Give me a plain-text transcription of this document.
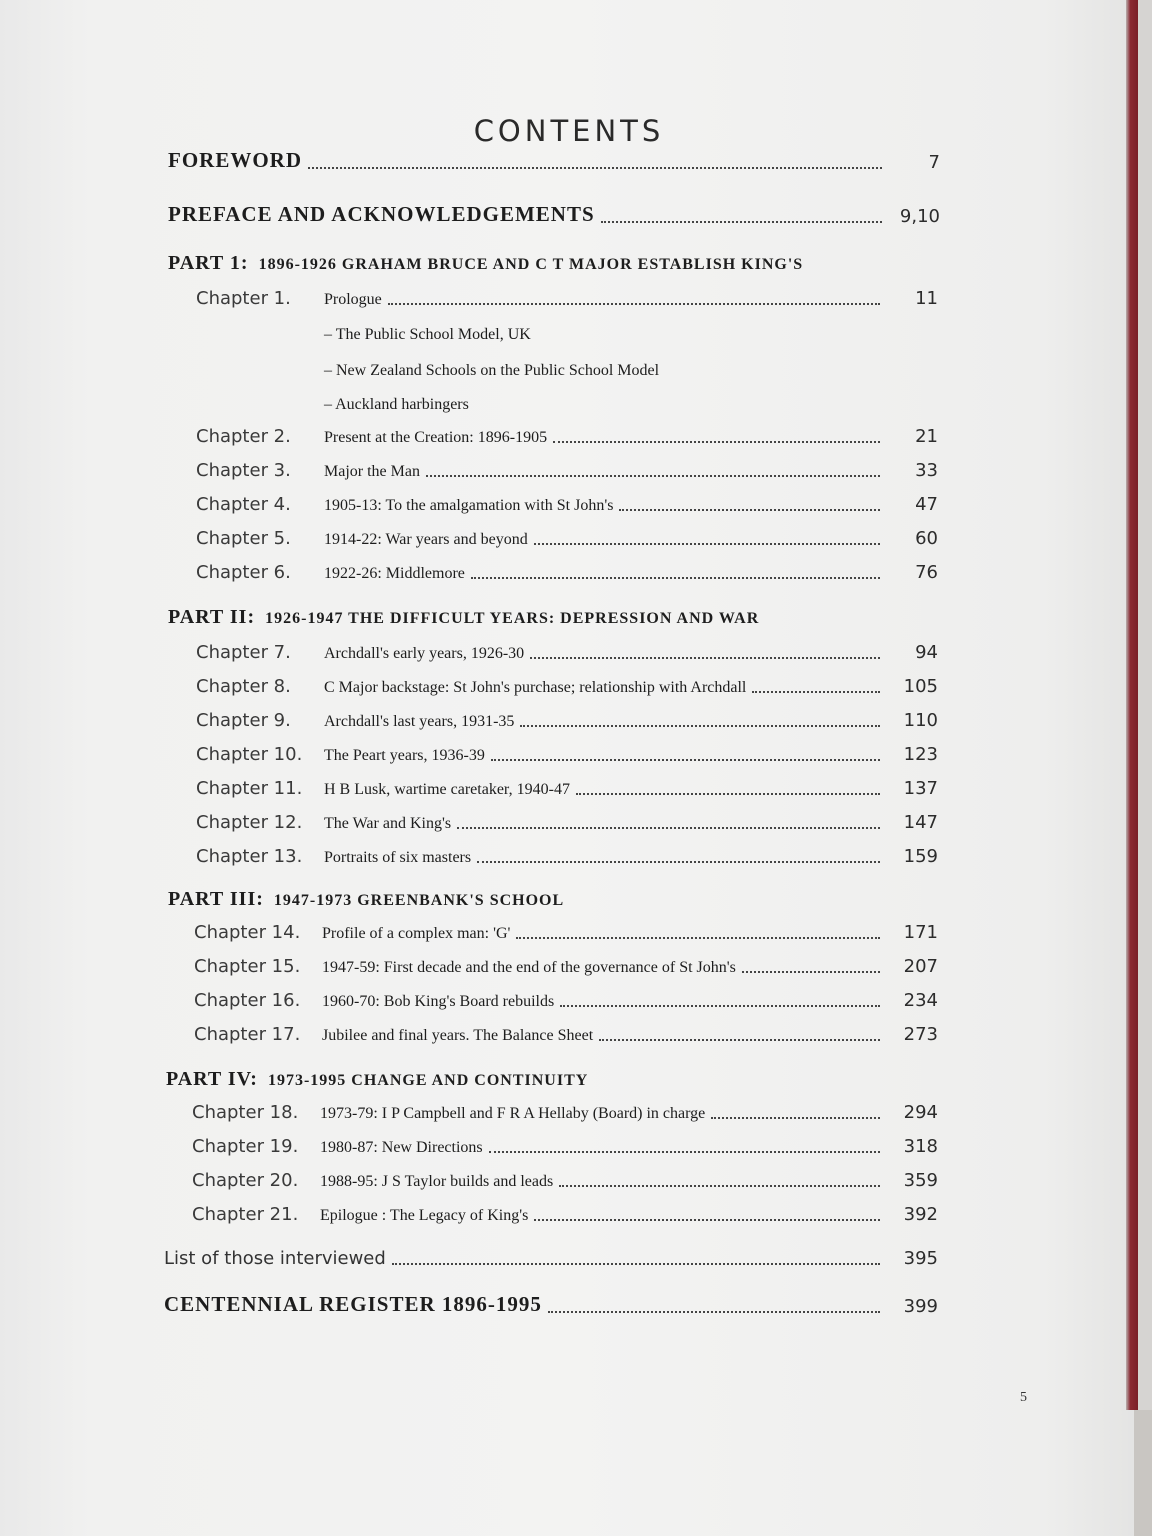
CONTENTS
FOREWORD	7
PREFACE AND ACKNOWLEDGEMENTS	9,10
PART 1: 1896-1926 GRAHAM BRUCE AND C T MAJOR ESTABLISH KING'S
Chapter 1.	Prologue	11
– The Public School Model, UK
– New Zealand Schools on the Public School Model
– Auckland harbingers
Chapter 2.	Present at the Creation: 1896-1905	21
Chapter 3.	Major the Man	33
Chapter 4.	1905-13: To the amalgamation with St John's	47
Chapter 5.	1914-22: War years and beyond	60
Chapter 6.	1922-26: Middlemore	76
PART II: 1926-1947 THE DIFFICULT YEARS: DEPRESSION AND WAR
Chapter 7.	Archdall's early years, 1926-30	94
Chapter 8.	C Major backstage: St John's purchase; relationship with Archdall	105
Chapter 9.	Archdall's last years, 1931-35	110
Chapter 10.	The Peart years, 1936-39	123
Chapter 11.	H B Lusk, wartime caretaker, 1940-47	137
Chapter 12.	The War and King's	147
Chapter 13.	Portraits of six masters	159
PART III: 1947-1973 GREENBANK'S SCHOOL
Chapter 14.	Profile of a complex man: 'G'	171
Chapter 15.	1947-59: First decade and the end of the governance of St John's	207
Chapter 16.	1960-70: Bob King's Board rebuilds	234
Chapter 17.	Jubilee and final years. The Balance Sheet	273
PART IV: 1973-1995 CHANGE AND CONTINUITY
Chapter 18.	1973-79: I P Campbell and F R A Hellaby (Board) in charge	294
Chapter 19.	1980-87: New Directions	318
Chapter 20.	1988-95: J S Taylor builds and leads	359
Chapter 21.	Epilogue : The Legacy of King's	392
List of those interviewed	395
CENTENNIAL REGISTER 1896-1995	399
5
